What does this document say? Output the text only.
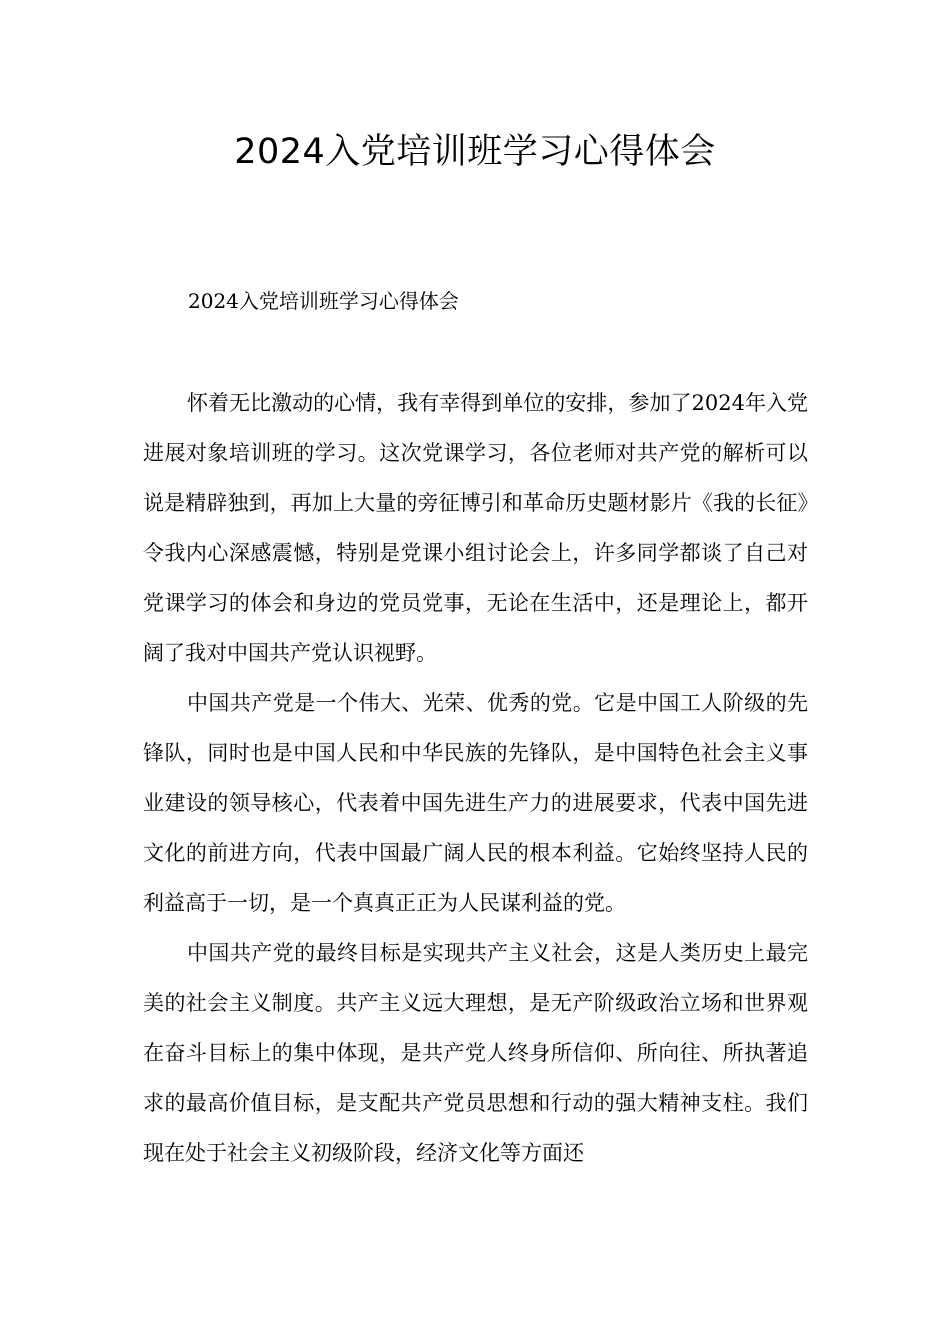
2024入党培训班学习心得体会

2024入党培训班学习心得体会

怀着无比激动的心情，我有幸得到单位的安排，参加了2024年入党进展对象培训班的学习。这次党课学习，各位老师对共产党的解析可以说是精辟独到，再加上大量的旁征博引和革命历史题材影片《我的长征》令我内心深感震憾，特别是党课小组讨论会上，许多同学都谈了自己对党课学习的体会和身边的党员党事，无论在生活中，还是理论上，都开阔了我对中国共产党认识视野。

中国共产党是一个伟大、光荣、优秀的党。它是中国工人阶级的先锋队，同时也是中国人民和中华民族的先锋队，是中国特色社会主义事业建设的领导核心，代表着中国先进生产力的进展要求，代表中国先进文化的前进方向，代表中国最广阔人民的根本利益。它始终坚持人民的利益高于一切，是一个真真正正为人民谋利益的党。

中国共产党的最终目标是实现共产主义社会，这是人类历史上最完美的社会主义制度。共产主义远大理想，是无产阶级政治立场和世界观在奋斗目标上的集中体现，是共产党人终身所信仰、所向往、所执著追求的最高价值目标，是支配共产党员思想和行动的强大精神支柱。我们现在处于社会主义初级阶段，经济文化等方面还
